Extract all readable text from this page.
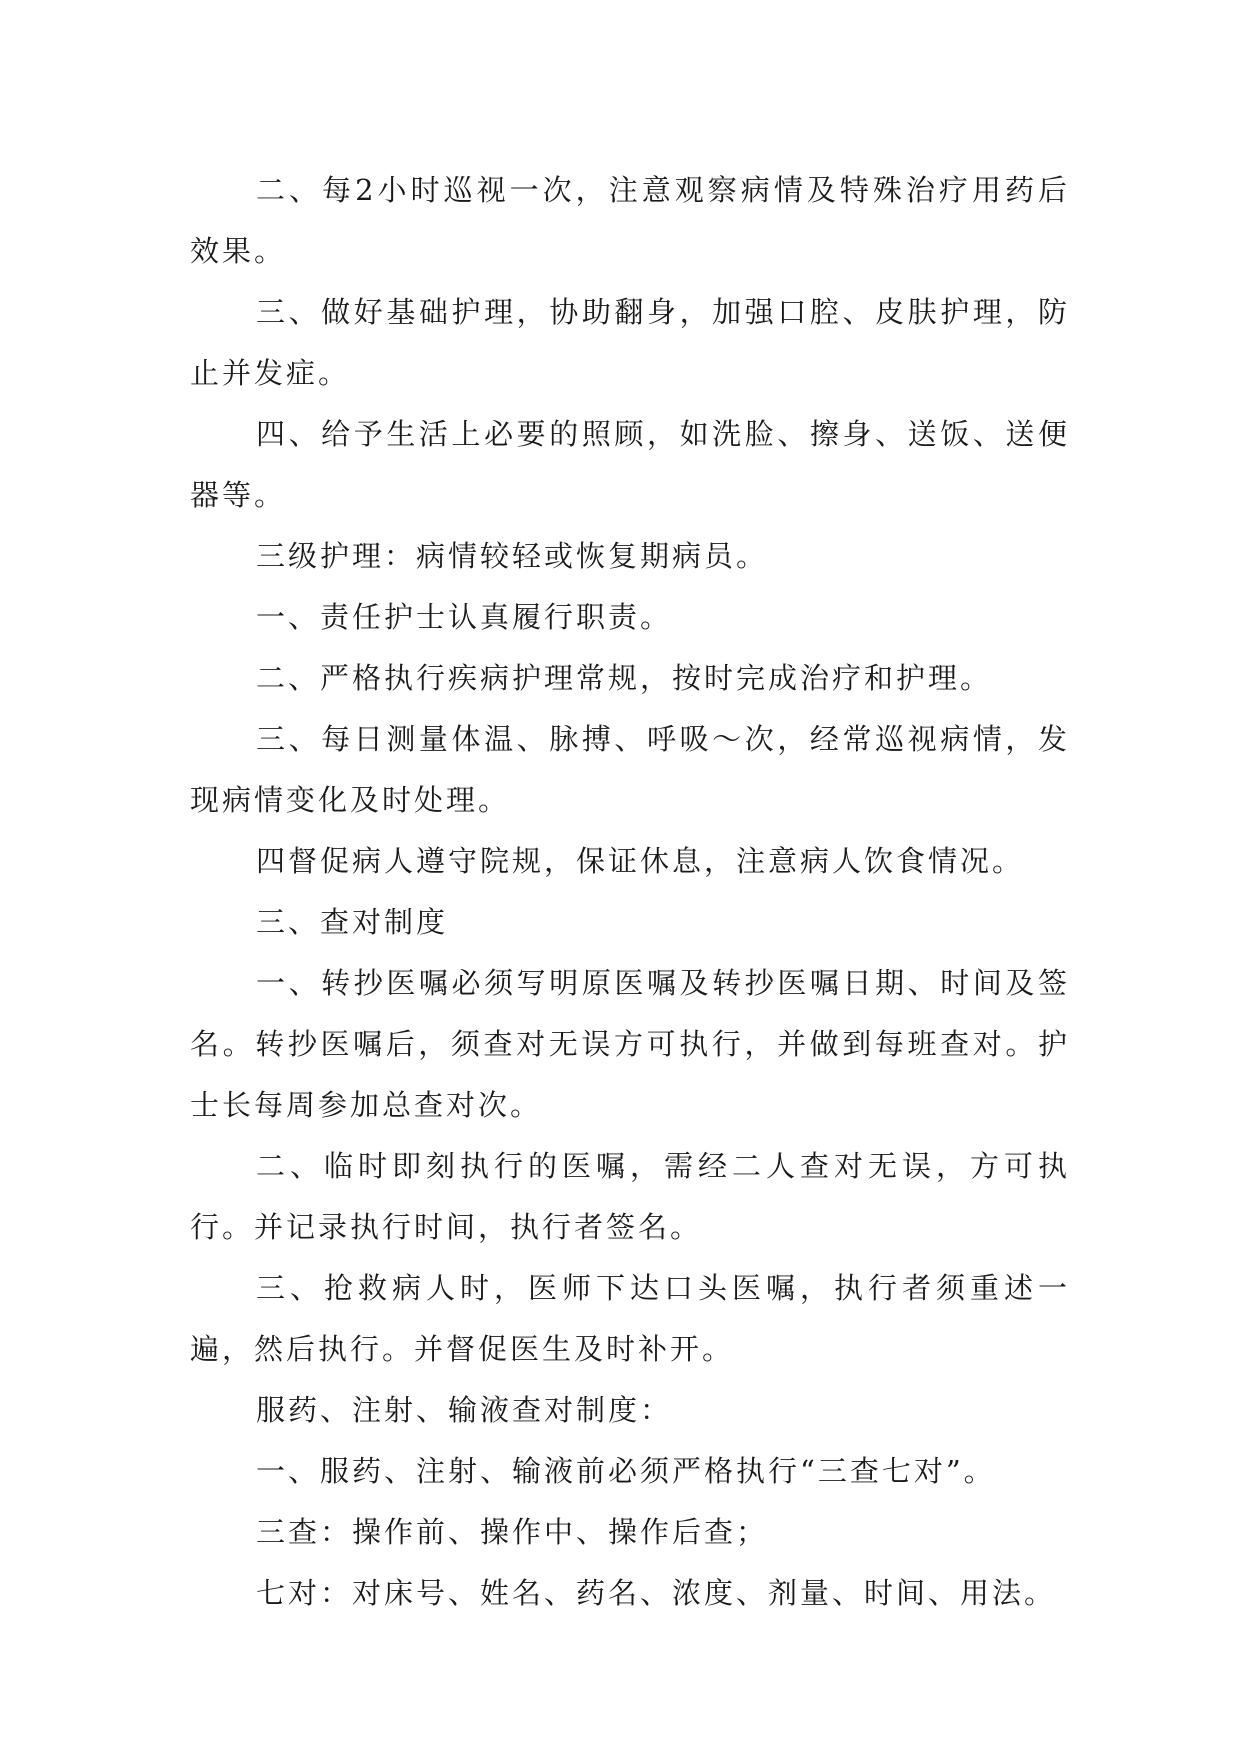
二、每2小时巡视一次，注意观察病情及特殊治疗用药后效果。

三、做好基础护理，协助翻身，加强口腔、皮肤护理，防止并发症。

四、给予生活上必要的照顾，如洗脸、擦身、送饭、送便器等。

三级护理：病情较轻或恢复期病员。

一、责任护士认真履行职责。

二、严格执行疾病护理常规，按时完成治疗和护理。

三、每日测量体温、脉搏、呼吸～次，经常巡视病情，发现病情变化及时处理。

四督促病人遵守院规，保证休息，注意病人饮食情况。

三、查对制度

一、转抄医嘱必须写明原医嘱及转抄医嘱日期、时间及签名。转抄医嘱后，须查对无误方可执行，并做到每班查对。护士长每周参加总查对次。

二、临时即刻执行的医嘱，需经二人查对无误，方可执行。并记录执行时间，执行者签名。

三、抢救病人时，医师下达口头医嘱，执行者须重述一遍，然后执行。并督促医生及时补开。

服药、注射、输液查对制度：

一、服药、注射、输液前必须严格执行“三查七对”。

三查：操作前、操作中、操作后查；

七对：对床号、姓名、药名、浓度、剂量、时间、用法。
